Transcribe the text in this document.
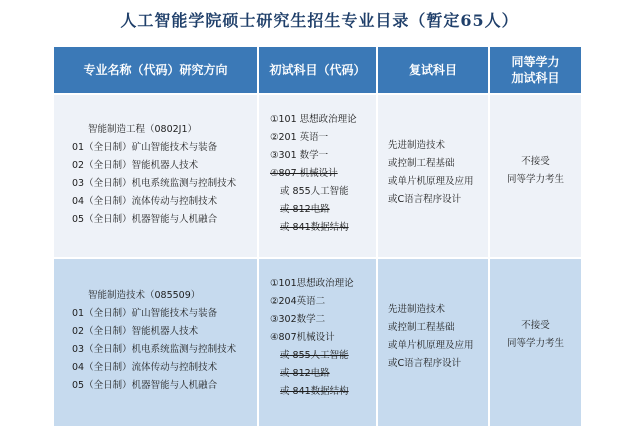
人工智能学院硕士研究生招生专业目录（暂定65人）
专业名称（代码）研究方向	初试科目（代码）	复试科目
同等学力
加试科目
智能制造工程（0802J1）
01（全日制）矿山智能技术与装备
02（全日制）智能机器人技术
03（全日制）机电系统监测与控制技术
04（全日制）流体传动与控制技术
05（全日制）机器智能与人机融合
①101 思想政治理论
②201 英语一
③301 数学一
④807 机械设计
或 855人工智能
或 812电路
或 841数据结构
先进制造技术
或控制工程基础
或单片机原理及应用
或C语言程序设计
不接受
同等学力考生
智能制造技术（085509）
01（全日制）矿山智能技术与装备
02（全日制）智能机器人技术
03（全日制）机电系统监测与控制技术
04（全日制）流体传动与控制技术
05（全日制）机器智能与人机融合
①101思想政治理论
②204英语二
③302数学二
④807机械设计
或 855人工智能
或 812电路
或 841数据结构
先进制造技术
或控制工程基础
或单片机原理及应用
或C语言程序设计
不接受
同等学力考生
